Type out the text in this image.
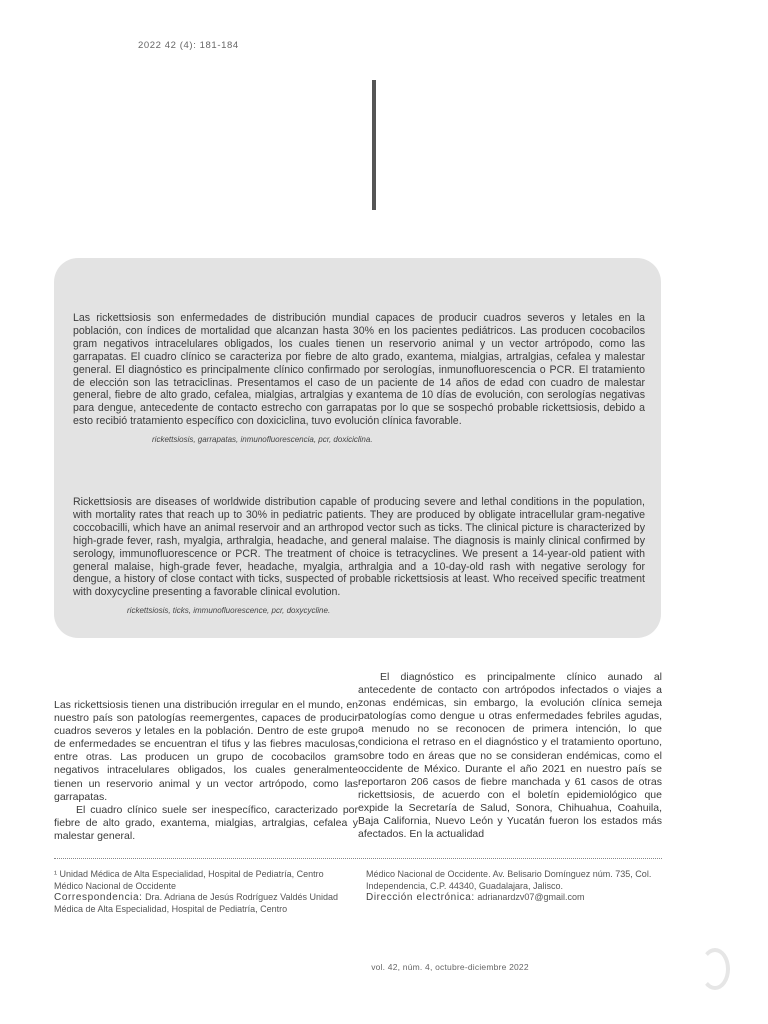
2022 42 (4): 181-184

Las rickettsiosis son enfermedades de distribución mundial capaces de producir cuadros severos y letales en la población, con índices de mortalidad que alcanzan hasta 30% en los pacientes pediátricos. Las producen cocobacilos gram negativos intracelulares obligados, los cuales tienen un reservorio animal y un vector artrópodo, como las garrapatas. El cuadro clínico se caracteriza por fiebre de alto grado, exantema, mialgias, artralgias, cefalea y malestar general. El diagnóstico es principalmente clínico confirmado por serologías, inmunofluorescencia o PCR. El tratamiento de elección son las tetraciclinas. Presentamos el caso de un paciente de 14 años de edad con cuadro de malestar general, fiebre de alto grado, cefalea, mialgias, artralgias y exantema de 10 días de evolución, con serologías negativas para dengue, antecedente de contacto estrecho con garrapatas por lo que se sospechó probable rickettsiosis, debido a esto recibió tratamiento específico con doxiciclina, tuvo evolución clínica favorable.

rickettsiosis, garrapatas, inmunofluorescencia, pcr, doxiciclina.

Rickettsiosis are diseases of worldwide distribution capable of producing severe and lethal conditions in the population, with mortality rates that reach up to 30% in pediatric patients. They are produced by obligate intracellular gram-negative coccobacilli, which have an animal reservoir and an arthropod vector such as ticks. The clinical picture is characterized by high-grade fever, rash, myalgia, arthralgia, headache, and general malaise. The diagnosis is mainly clinical confirmed by serology, immunofluorescence or PCR. The treatment of choice is tetracyclines. We present a 14-year-old patient with general malaise, high-grade fever, headache, myalgia, arthralgia and a 10-day-old rash with negative serology for dengue, a history of close contact with ticks, suspected of probable rickettsiosis at least. Who received specific treatment with doxycycline presenting a favorable clinical evolution.

rickettsiosis, ticks, immunofluorescence, pcr, doxycycline.

Las rickettsiosis tienen una distribución irregular en el mundo, en nuestro país son patologías reemergentes, capaces de producir cuadros severos y letales en la población. Dentro de este grupo de enfermedades se encuentran el tifus y las fiebres maculosas, entre otras. Las producen un grupo de cocobacilos gram negativos intracelulares obligados, los cuales generalmente tienen un reservorio animal y un vector artrópodo, como las garrapatas.

El cuadro clínico suele ser inespecífico, caracterizado por fiebre de alto grado, exantema, mialgias, artralgias, cefalea y malestar general.

El diagnóstico es principalmente clínico aunado al antecedente de contacto con artrópodos infectados o viajes a zonas endémicas, sin embargo, la evolución clínica semeja patologías como dengue u otras enfermedades febriles agudas, a menudo no se reconocen de primera intención, lo que condiciona el retraso en el diagnóstico y el tratamiento oportuno, sobre todo en áreas que no se consideran endémicas, como el occidente de México. Durante el año 2021 en nuestro país se reportaron 206 casos de fiebre manchada y 61 casos de otras rickettsiosis, de acuerdo con el boletín epidemiológico que expide la Secretaría de Salud, Sonora, Chihuahua, Coahuila, Baja California, Nuevo León y Yucatán fueron los estados más afectados. En la actualidad

¹ Unidad Médica de Alta Especialidad, Hospital de Pediatría, Centro Médico Nacional de Occidente
Correspondencia: Dra. Adriana de Jesús Rodríguez Valdés Unidad Médica de Alta Especialidad, Hospital de Pediatría, Centro
Médico Nacional de Occidente. Av. Belisario Domínguez núm. 735, Col. Independencia, C.P. 44340, Guadalajara, Jalisco.
Dirección electrónica: adrianardzv07@gmail.com
vol. 42, núm. 4, octubre-diciembre 2022
